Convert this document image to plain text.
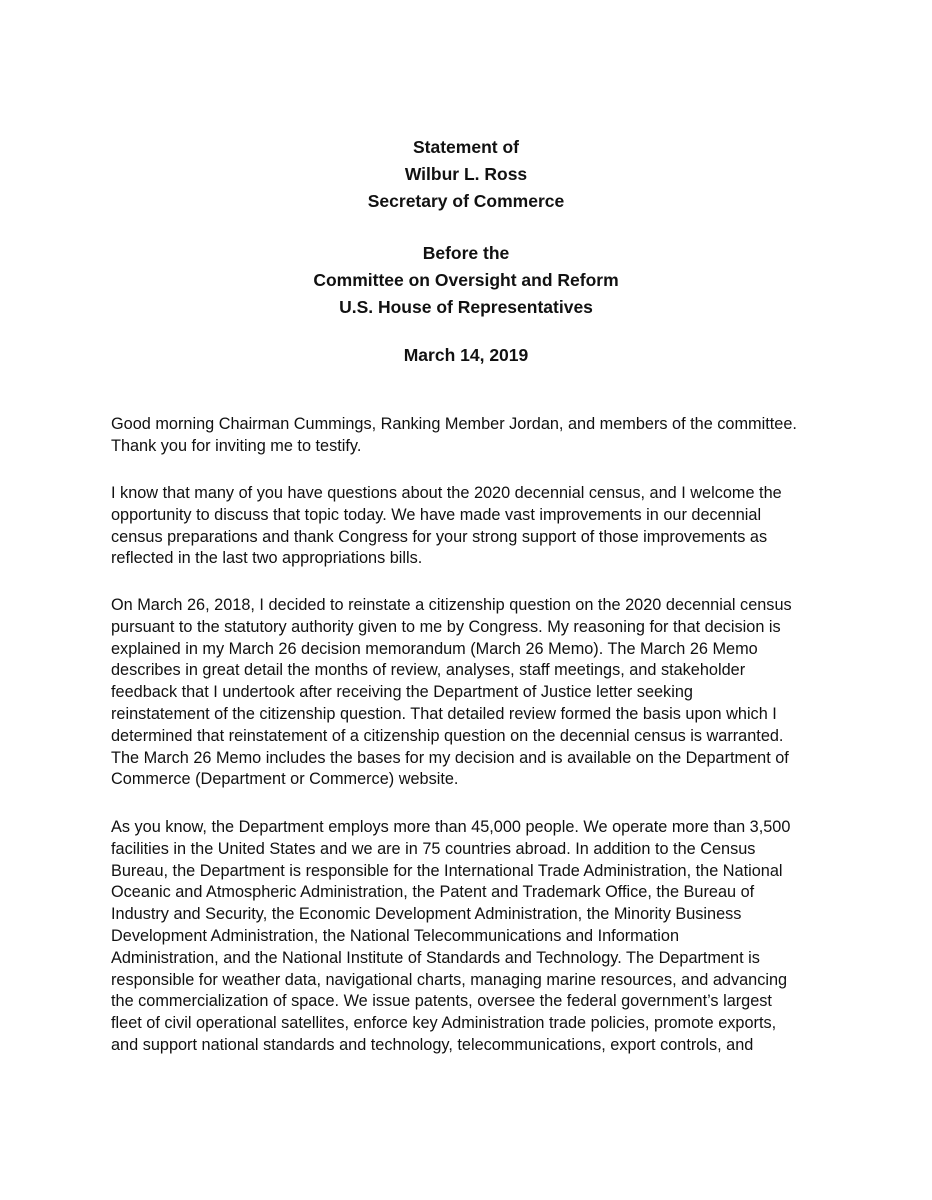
Statement of
Wilbur L. Ross
Secretary of Commerce
Before the
Committee on Oversight and Reform
U.S. House of Representatives
March 14, 2019
Good morning Chairman Cummings, Ranking Member Jordan, and members of the committee.
Thank you for inviting me to testify.
I know that many of you have questions about the 2020 decennial census, and I welcome the
opportunity to discuss that topic today. We have made vast improvements in our decennial
census preparations and thank Congress for your strong support of those improvements as
reflected in the last two appropriations bills.
On March 26, 2018, I decided to reinstate a citizenship question on the 2020 decennial census
pursuant to the statutory authority given to me by Congress. My reasoning for that decision is
explained in my March 26 decision memorandum (March 26 Memo). The March 26 Memo
describes in great detail the months of review, analyses, staff meetings, and stakeholder
feedback that I undertook after receiving the Department of Justice letter seeking
reinstatement of the citizenship question. That detailed review formed the basis upon which I
determined that reinstatement of a citizenship question on the decennial census is warranted.
The March 26 Memo includes the bases for my decision and is available on the Department of
Commerce (Department or Commerce) website.
As you know, the Department employs more than 45,000 people. We operate more than 3,500
facilities in the United States and we are in 75 countries abroad. In addition to the Census
Bureau, the Department is responsible for the International Trade Administration, the National
Oceanic and Atmospheric Administration, the Patent and Trademark Office, the Bureau of
Industry and Security, the Economic Development Administration, the Minority Business
Development Administration, the National Telecommunications and Information
Administration, and the National Institute of Standards and Technology. The Department is
responsible for weather data, navigational charts, managing marine resources, and advancing
the commercialization of space. We issue patents, oversee the federal government’s largest
fleet of civil operational satellites, enforce key Administration trade policies, promote exports,
and support national standards and technology, telecommunications, export controls, and
